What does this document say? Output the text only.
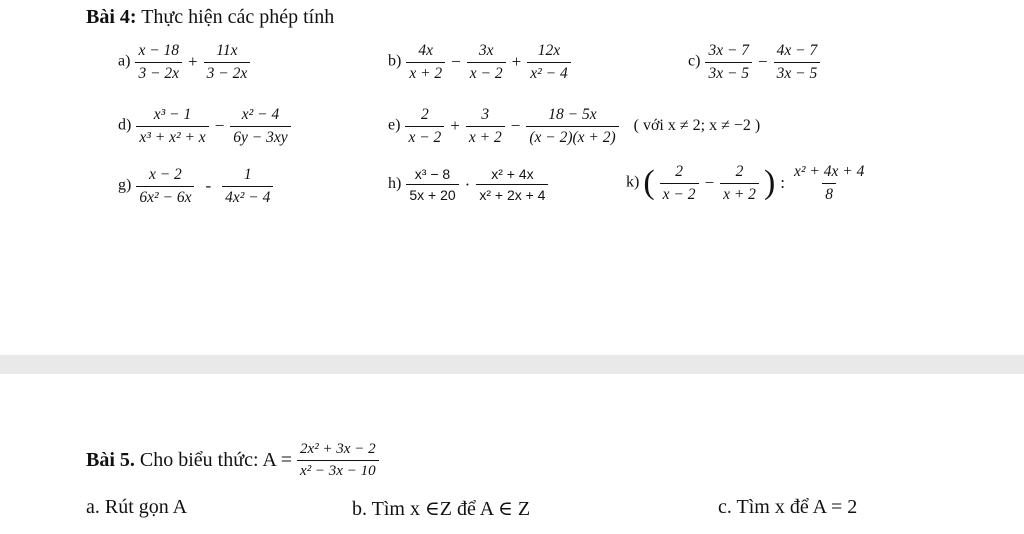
Bài 4: Thực hiện các phép tính
$a) \frac{x - 18}{3 - 2x} + \frac{11x}{3 - 2x}$	$b) \frac{4x}{x + 2} - \frac{3x}{x - 2} + \frac{12x}{\text{x² − 4}}$	$c) \frac{3x - 7}{3x - 5} - \frac{4x - 7}{3x - 5}$
$d) \frac{\text{x³ − 1}}{\text{x³ + x² + x}} - \frac{\text{x² − 4}}{6y - 3xy}$	$e) \frac{2}{x - 2} + \frac{3}{x + 2} - \frac{18 - 5x}{(x - 2)(x + 2)}$ ( với x ≠ 2; x ≠ −2 )
$g) \frac{x - 2}{\text{6x² − 6x}} - \frac{1}{\text{4x² − 4}}$	$h) \frac{\text{x³ − 8}}{5x + 20} \cdot \frac{\text{x² + 4x}}{\text{x² + 2x + 4}}$	k) ( $\frac{2}{x - 2} - \frac{2}{x + 2}$ ) : $\frac{\text{x² + 4x + 4}}{8}$
Bài 5. Cho biểu thức: $A = \frac{\text{2x² + 3x − 2}}{\text{x² − 3x − 10}}$
a. Rút gọn A	b. Tìm x ∈Z để A ∈ Z	c. Tìm x để A = 2
